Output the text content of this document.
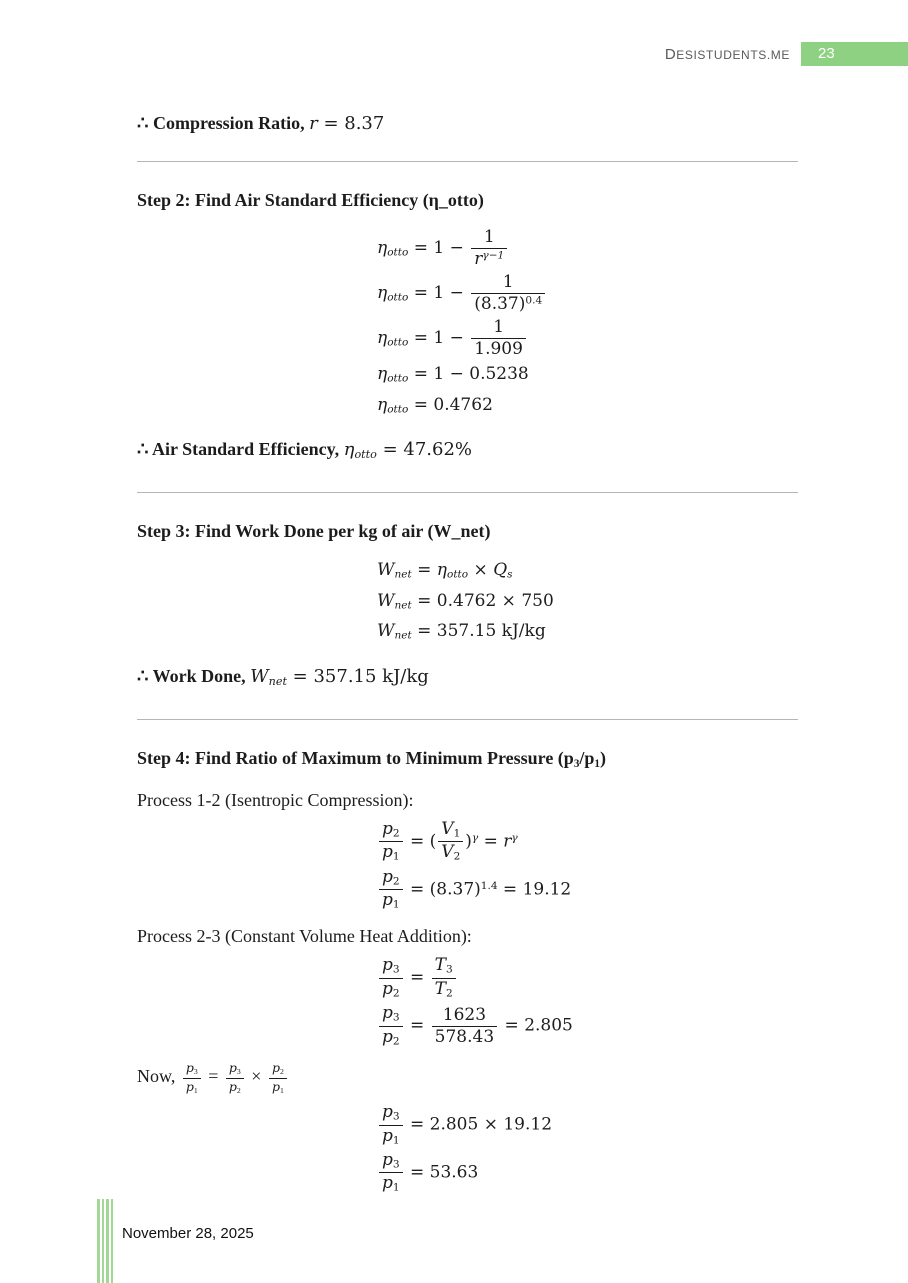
DESISTUDENTS.ME	23

∴ Compression Ratio, r = 8.37

Step 2: Find Air Standard Efficiency (η_otto)
$\eta_{otto} = 1 - \frac{1}{r^{\gamma-1}}$
$\eta_{otto} = 1 - \frac{1}{(8.37)^{0.4}}$
$\eta_{otto} = 1 - \frac{1}{1.909}$
$\eta_{otto} = 1 - 0.5238$
$\eta_{otto} = 0.4762$

∴ Air Standard Efficiency, $\eta_{otto} = 47.62\%$

Step 3: Find Work Done per kg of air (W_net)
$W_{net} = \eta_{otto} \times Q_s$
$W_{net} = 0.4762 \times 750$
$W_{net} = 357.15$ kJ/kg

∴ Work Done, $W_{net} = 357.15$ kJ/kg

Step 4: Find Ratio of Maximum to Minimum Pressure (p3/p1)

Process 1-2 (Isentropic Compression):

$\frac{p2}{p1}$ = ( $\frac{V1}{V2} )^\gamma = r^\gamma$
$\frac{p2}{p1} = (8.37)^{1.4} = 19.12$

Process 2-3 (Constant Volume Heat Addition):

$\frac{p3}{p2} = \frac{T3}{T2}$
$\frac{p3}{p2} = \frac{1623}{578.43} = 2.805$

Now, $\frac{p3}{p1} = \frac{p3}{p2} \times \frac{p2}{p1}$

$\frac{p3}{p1} = 2.805 \times 19.12$
$\frac{p3}{p1} = 53.63$
November 28, 2025
